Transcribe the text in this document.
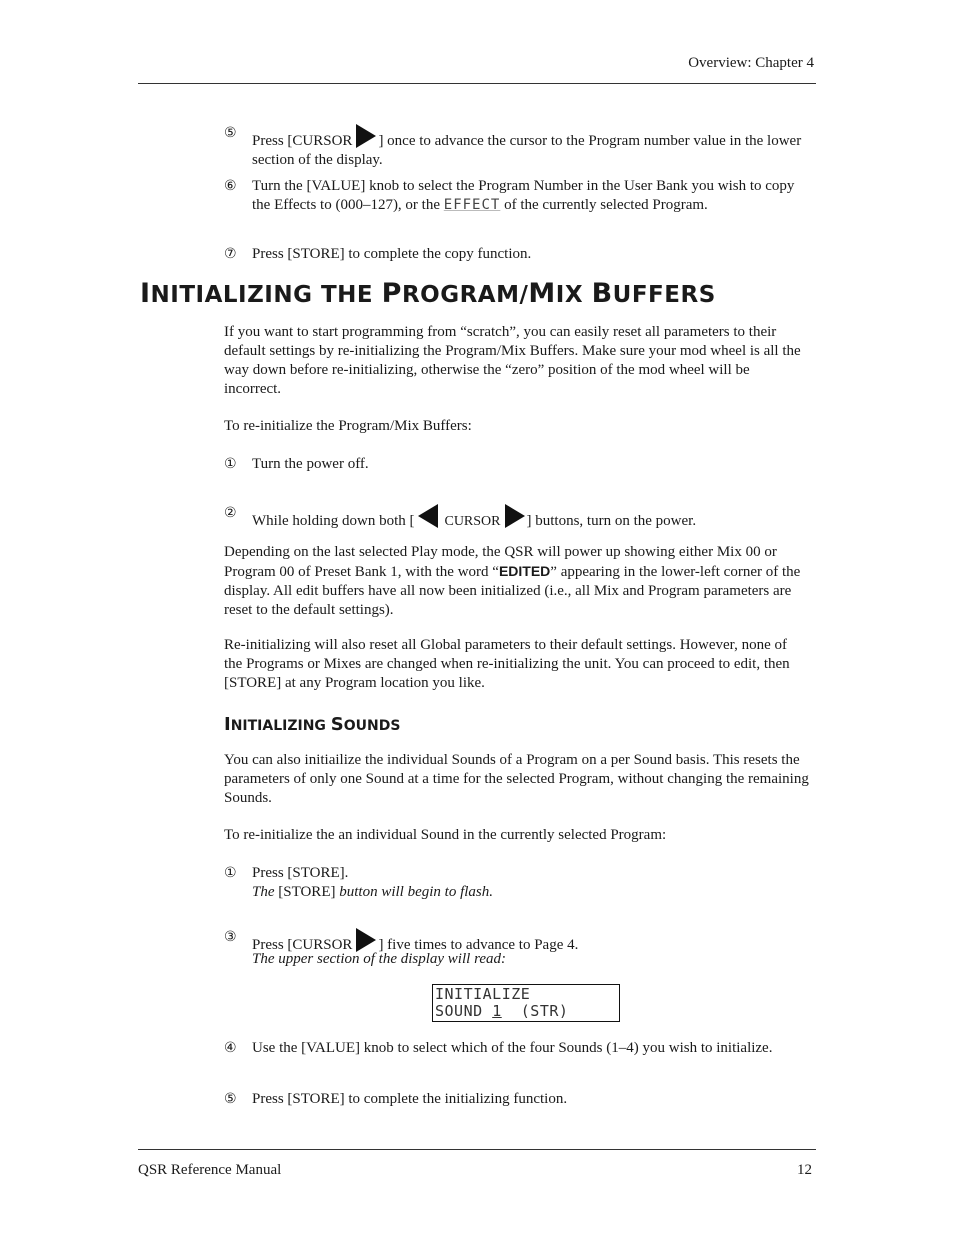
Overview: Chapter 4
⑤	Press [CURSOR ] once to advance the cursor to the Program number value in the lower section of the display.
⑥	Turn the [VALUE] knob to select the Program Number in the User Bank you wish to copy the Effects to (000–127), or the EFFECT of the currently selected Program.
⑦	Press [STORE] to complete the copy function.
INITIALIZING THE PROGRAM/MIX BUFFERS
If you want to start programming from “scratch”, you can easily reset all parameters to their default settings by re-initializing the Program/Mix Buffers. Make sure your mod wheel is all the way down before re-initializing, otherwise the “zero” position of the mod wheel will be incorrect.
To re-initialize the Program/Mix Buffers:
①	Turn the power off.
②	While holding down both [ CURSOR ] buttons, turn on the power.
Depending on the last selected Play mode, the QSR will power up showing either Mix 00 or Program 00 of Preset Bank 1, with the word “EDITED” appearing in the lower-left corner of the display. All edit buffers have all now been initialized (i.e., all Mix and Program parameters are reset to the default settings).
Re-initializing will also reset all Global parameters to their default settings. However, none of the Programs or Mixes are changed when re-initializing the unit. You can proceed to edit, then [STORE] at any Program location you like.
INITIALIZING SOUNDS
You can also initiailize the individual Sounds of a Program on a per Sound basis. This resets the parameters of only one Sound at a time for the selected Program, without changing the remaining Sounds.
To re-initialize the an individual Sound in the currently selected Program:
①	Press [STORE].
The [STORE] button will begin to flash.
③	Press [CURSOR ] five times to advance to Page 4.
The upper section of the display will read:
INITIALIZE
SOUND 1  (STR)
④	Use the [VALUE] knob to select which of the four Sounds (1–4) you wish to initialize.
⑤	Press [STORE] to complete the initializing function.
QSR Reference Manual	12
